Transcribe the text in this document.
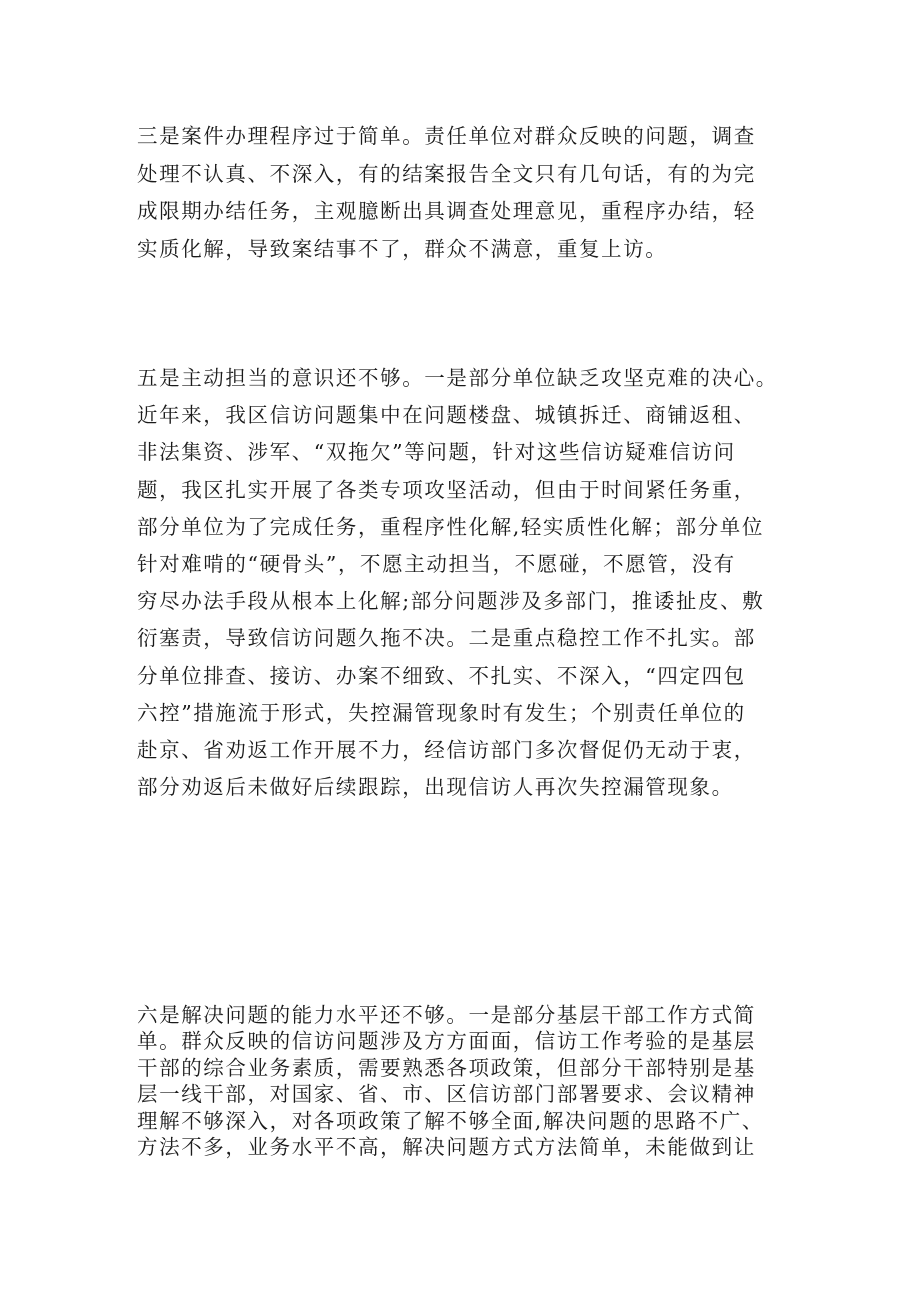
三是案件办理程序过于简单。责任单位对群众反映的问题，调查
处理不认真、不深入，有的结案报告全文只有几句话，有的为完
成限期办结任务，主观臆断出具调查处理意见，重程序办结，轻
实质化解，导致案结事不了，群众不满意，重复上访。
五是主动担当的意识还不够。一是部分单位缺乏攻坚克难的决心。
近年来，我区信访问题集中在问题楼盘、城镇拆迁、商铺返租、
非法集资、涉军、“双拖欠”等问题，针对这些信访疑难信访问
题，我区扎实开展了各类专项攻坚活动，但由于时间紧任务重，
部分单位为了完成任务，重程序性化解,轻实质性化解；部分单位
针对难啃的“硬骨头”，不愿主动担当，不愿碰，不愿管，没有
穷尽办法手段从根本上化解;部分问题涉及多部门，推诿扯皮、敷
衍塞责，导致信访问题久拖不决。二是重点稳控工作不扎实。部
分单位排查、接访、办案不细致、不扎实、不深入，“四定四包
六控”措施流于形式，失控漏管现象时有发生；个别责任单位的
赴京、省劝返工作开展不力，经信访部门多次督促仍无动于衷，
部分劝返后未做好后续跟踪，出现信访人再次失控漏管现象。
六是解决问题的能力水平还不够。一是部分基层干部工作方式简
单。群众反映的信访问题涉及方方面面，信访工作考验的是基层
干部的综合业务素质，需要熟悉各项政策，但部分干部特别是基
层一线干部，对国家、省、市、区信访部门部署要求、会议精神
理解不够深入，对各项政策了解不够全面,解决问题的思路不广、
方法不多，业务水平不高，解决问题方式方法简单，未能做到让
